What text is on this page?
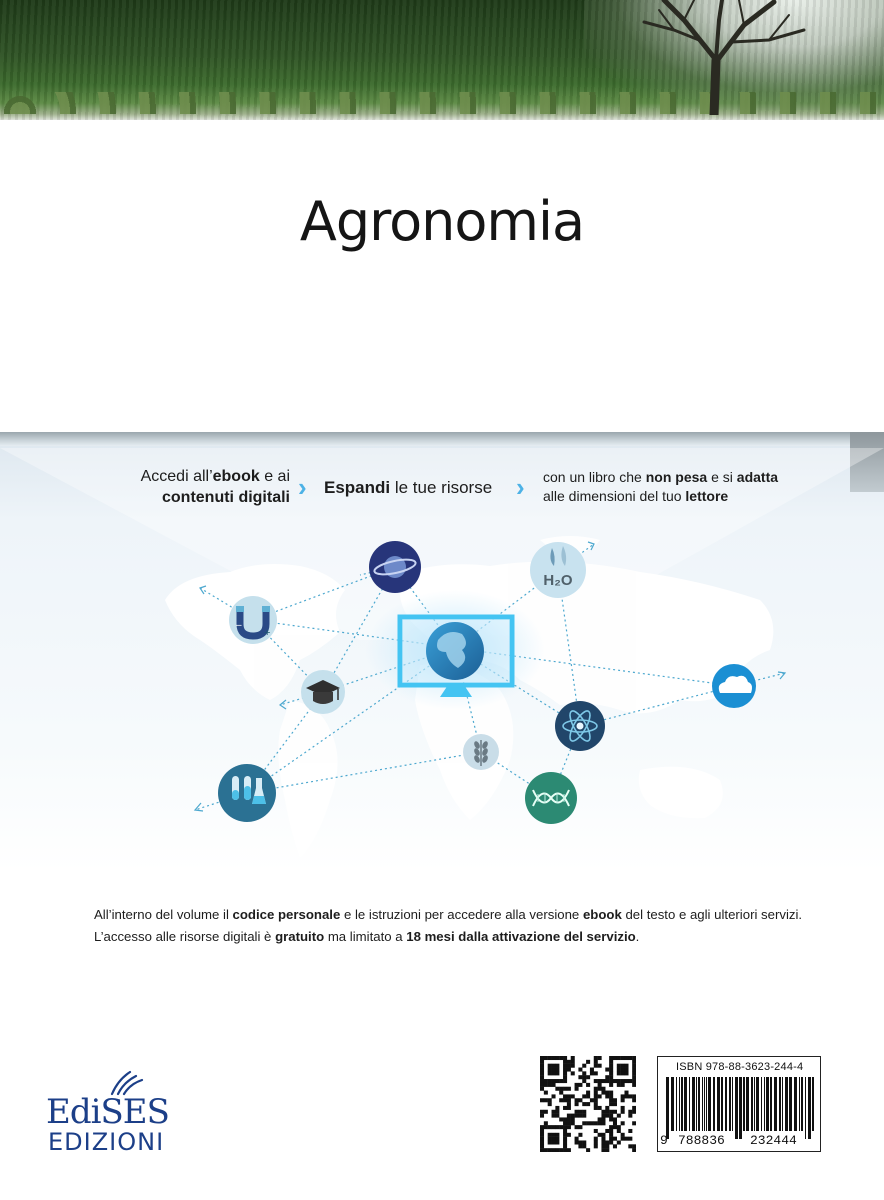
Agronomia
H₂O
–
+
Accedi all’ebook e ai
contenuti digitali › Espandi le tue risorse › con un libro che non pesa e si adatta
alle dimensioni del tuo lettore
All’interno del volume il codice personale e le istruzioni per accedere alla versione ebook del testo e agli ulteriori servizi.
L’accesso alle risorse digitali è gratuito ma limitato a 18 mesi dalla attivazione del servizio.
EdiSES
EDIZIONI
ISBN 978-88-3623-244-4
9 788836 232444
